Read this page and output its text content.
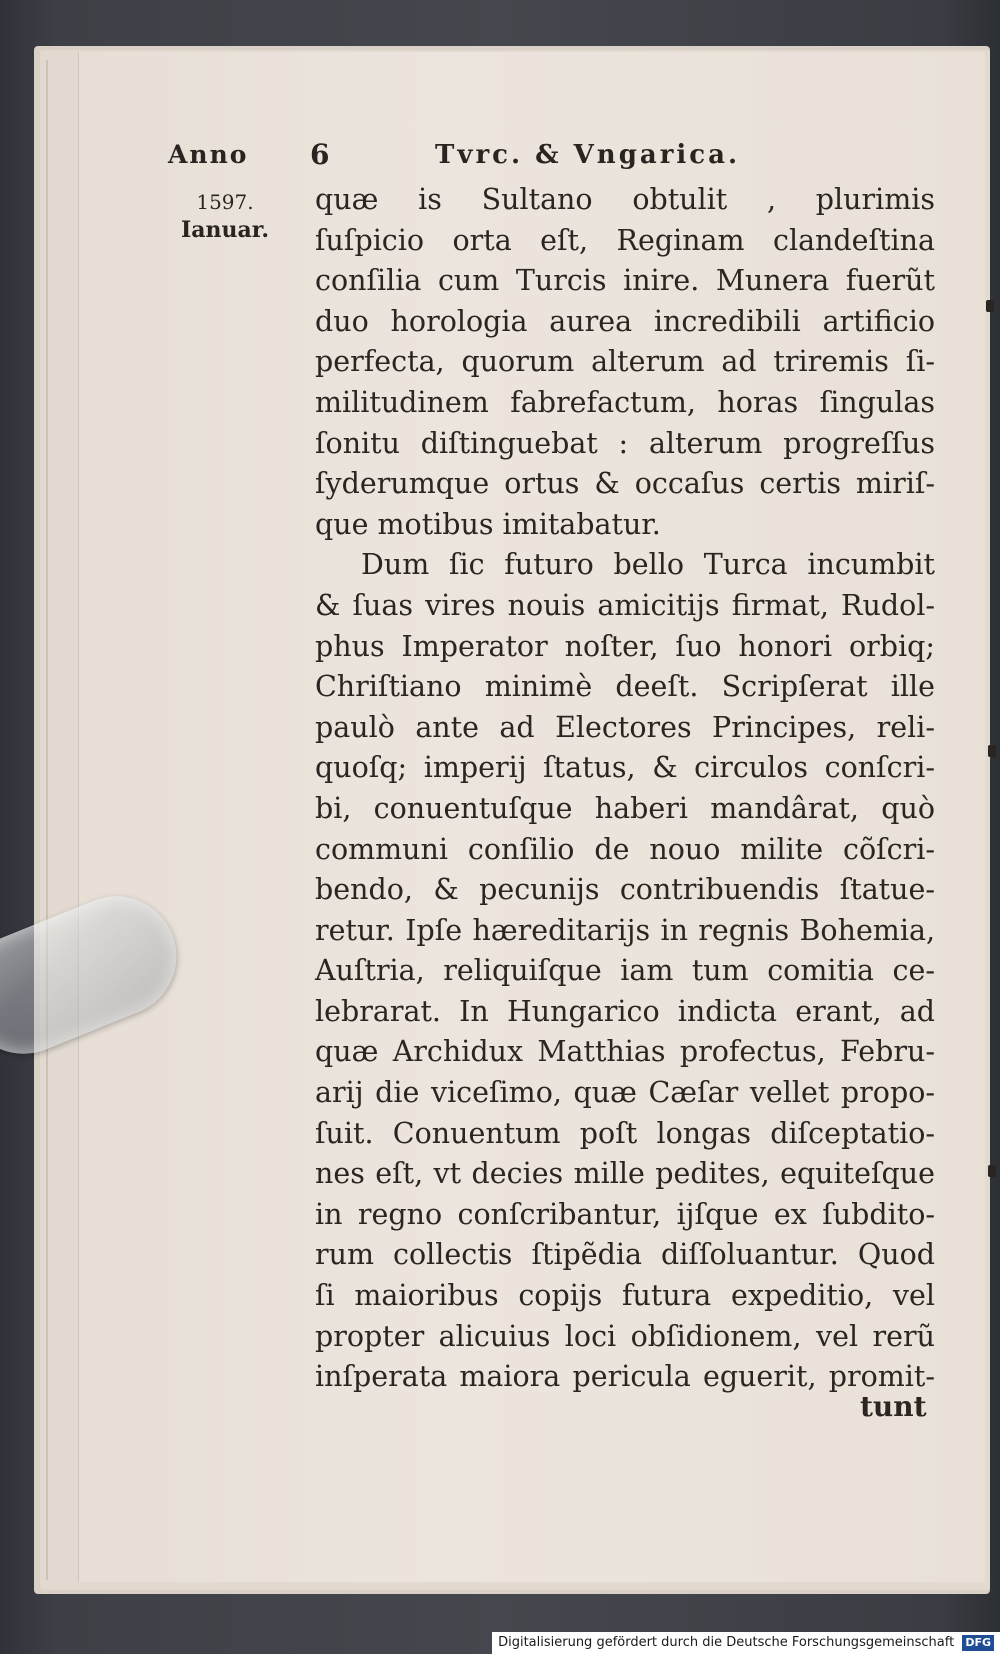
Anno 6	Tvrc. & Vngarica.
1597.
Ianuar.
quæ is Sultano obtulit , plurimis
ſuſpicio orta eſt, Reginam clandeſtina
conſilia cum Turcis inire. Munera fuerũt
duo horologia aurea incredibili artificio
perfecta, quorum alterum ad triremis ſi-
militudinem fabrefactum, horas ſingulas
ſonitu diſtinguebat : alterum progreſſus
ſyderumque ortus & occaſus certis miriſ-
que motibus imitabatur.
Dum ſic futuro bello Turca incumbit
& ſuas vires nouis amicitijs firmat, Rudol-
phus Imperator noſter, ſuo honori orbiq;
Chriſtiano minimè deeſt. Scripſerat ille
paulò ante ad Electores Principes, reli-
quoſq; imperij ſtatus, & circulos conſcri-
bi, conuentuſque haberi mandârat, quò
communi conſilio de nouo milite cõſcri-
bendo, & pecunijs contribuendis ſtatue-
retur. Ipſe hæreditarijs in regnis Bohemia,
Auſtria, reliquiſque iam tum comitia ce-
lebrarat. In Hungarico indicta erant, ad
quæ Archidux Matthias profectus, Febru-
arij die viceſimo, quæ Cæſar vellet propo-
ſuit. Conuentum poſt longas diſceptatio-
nes eſt, vt decies mille pedites, equiteſque
in regno conſcribantur, ijſque ex ſubdito-
rum collectis ſtipẽdia diſſoluantur. Quod
ſi maioribus copijs futura expeditio, vel
propter alicuius loci obſidionem, vel rerũ
inſperata maiora pericula eguerit, promit-
tunt
Digitalisierung gefördert durch die Deutsche Forschungsgemeinschaft DFG
